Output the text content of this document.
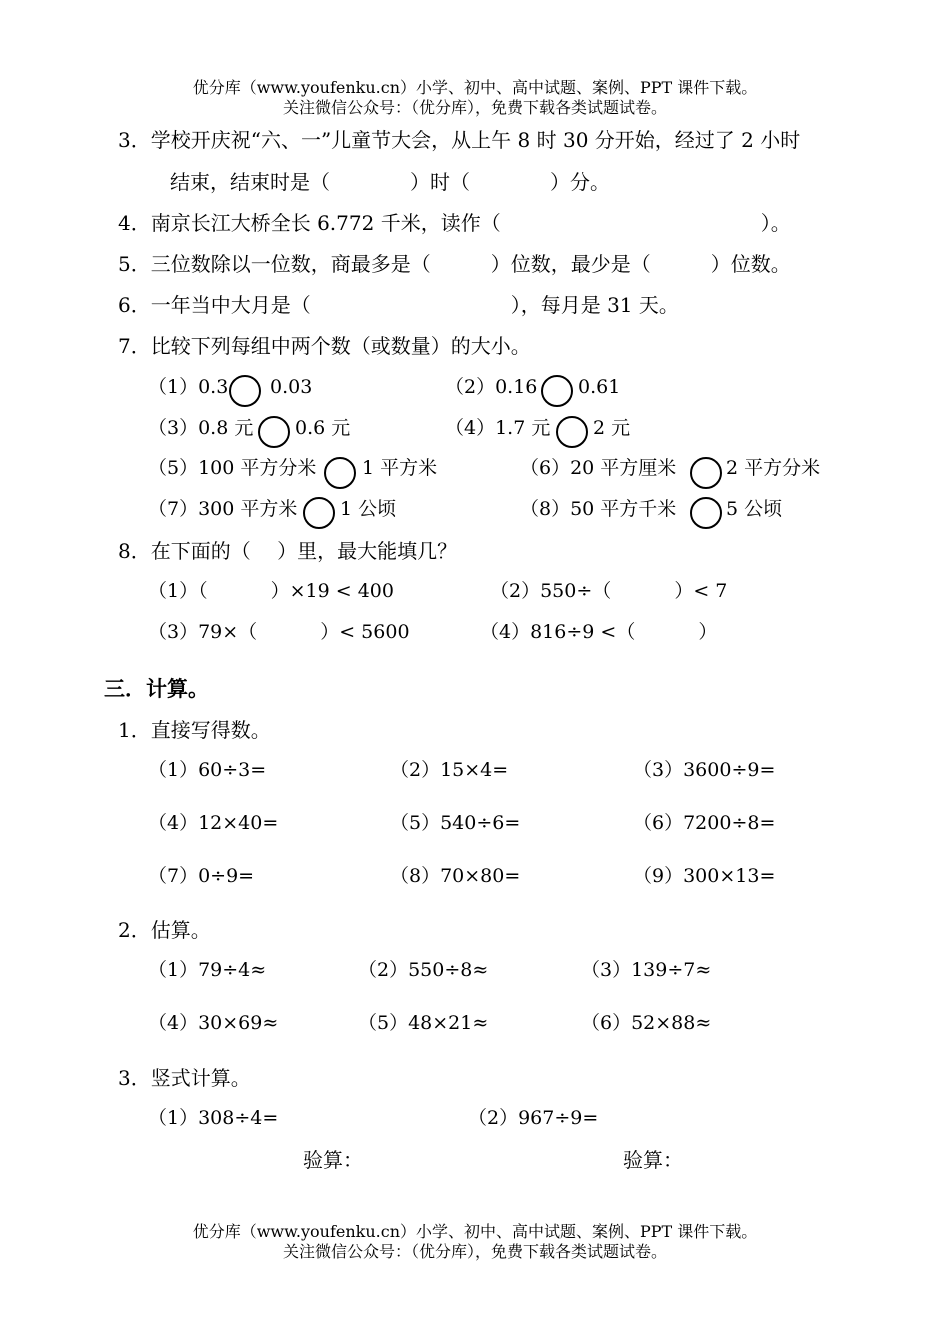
优分库（www.youfenku.cn）小学、初中、高中试题、案例、PPT 课件下载。
关注微信公众号：（优分库），免费下载各类试题试卷。
3．学校开庆祝“六、一”儿童节大会，从上午 8 时 30 分开始，经过了 2 小时
结束，结束时是（　　　　）时（　　　　）分。
4．南京长江大桥全长 6.772 千米，读作（　　　　　　　　　　　　　）。
5．三位数除以一位数，商最多是（　　　）位数，最少是（　　　）位数。
6．一年当中大月是（　　　　　　　　　　），每月是 31 天。
7．比较下列每组中两个数（或数量）的大小。
（1）0.3 0.03	（2）0.16 0.61
（3）0.8 元 0.6 元	（4）1.7 元 2 元
（5）100 平方分米 1 平方米	（6）20 平方厘米	2 平方分米
（7）300 平方米 1 公顷	（8）50 平方千米	5 公顷
8．在下面的（　 ）里，最大能填几？
（1）（　　　 ）×19 < 400	（2）550÷（　　　 ）< 7
（3）79×（　　　 ）< 5600	（4）816÷9 <（　　　 ）
三．计算。
1．直接写得数。
（1）60÷3=	（2）15×4=	（3）3600÷9=
（4）12×40=	（5）540÷6=	（6）7200÷8=
（7）0÷9=	（8）70×80=	（9）300×13=
2．估算。
（1）79÷4≈	（2）550÷8≈	（3）139÷7≈
（4）30×69≈	（5）48×21≈	（6）52×88≈
3．竖式计算。
（1）308÷4=	（2）967÷9=
验算：	验算：
优分库（www.youfenku.cn）小学、初中、高中试题、案例、PPT 课件下载。
关注微信公众号：（优分库），免费下载各类试题试卷。
